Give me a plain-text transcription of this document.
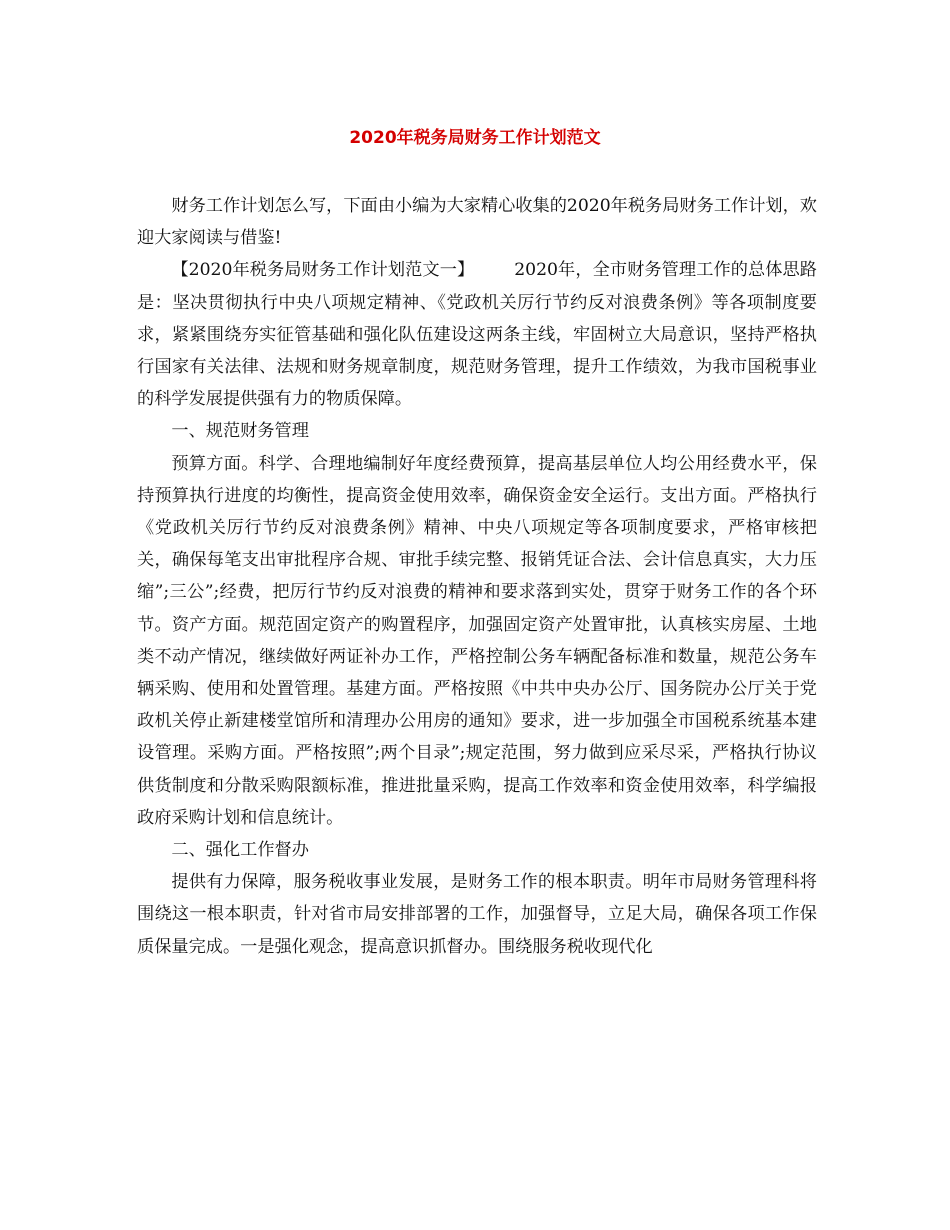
2020年税务局财务工作计划范文

财务工作计划怎么写，下面由小编为大家精心收集的2020年税务局财务工作计划，欢迎大家阅读与借鉴!

【2020年税务局财务工作计划范文一】 2020年，全市财务管理工作的总体思路是：坚决贯彻执行中央八项规定精神、《党政机关厉行节约反对浪费条例》等各项制度要求，紧紧围绕夯实征管基础和强化队伍建设这两条主线，牢固树立大局意识，坚持严格执行国家有关法律、法规和财务规章制度，规范财务管理，提升工作绩效，为我市国税事业的科学发展提供强有力的物质保障。

一、规范财务管理

预算方面。科学、合理地编制好年度经费预算，提高基层单位人均公用经费水平，保持预算执行进度的均衡性，提高资金使用效率，确保资金安全运行。支出方面。严格执行《党政机关厉行节约反对浪费条例》精神、中央八项规定等各项制度要求，严格审核把关，确保每笔支出审批程序合规、审批手续完整、报销凭证合法、会计信息真实，大力压缩”;三公”;经费，把厉行节约反对浪费的精神和要求落到实处，贯穿于财务工作的各个环节。资产方面。规范固定资产的购置程序，加强固定资产处置审批，认真核实房屋、土地类不动产情况，继续做好两证补办工作，严格控制公务车辆配备标准和数量，规范公务车辆采购、使用和处置管理。基建方面。严格按照《中共中央办公厅、国务院办公厅关于党政机关停止新建楼堂馆所和清理办公用房的通知》要求，进一步加强全市国税系统基本建设管理。采购方面。严格按照”;两个目录”;规定范围，努力做到应采尽采，严格执行协议供货制度和分散采购限额标准，推进批量采购，提高工作效率和资金使用效率，科学编报政府采购计划和信息统计。

二、强化工作督办

提供有力保障，服务税收事业发展，是财务工作的根本职责。明年市局财务管理科将围绕这一根本职责，针对省市局安排部署的工作，加强督导，立足大局，确保各项工作保质保量完成。一是强化观念，提高意识抓督办。围绕服务税收现代化
